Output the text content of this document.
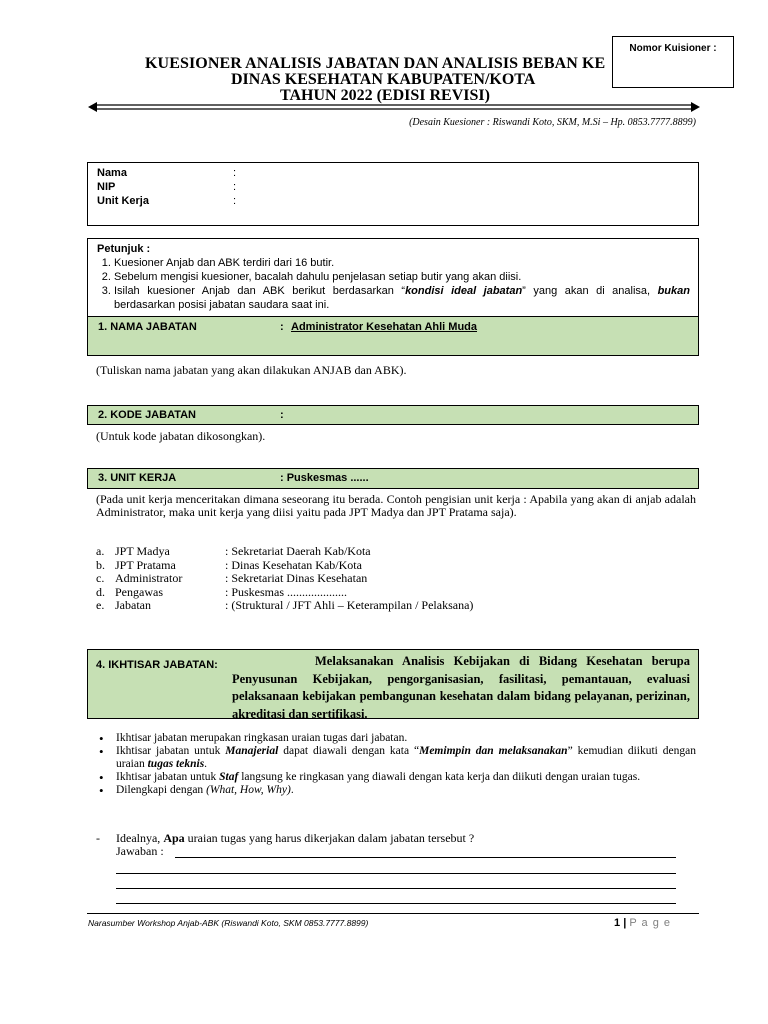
Nomor Kuisioner :
KUESIONER ANALISIS JABATAN DAN ANALISIS BEBAN KE
DINAS KESEHATAN KABUPATEN/KOTA
TAHUN 2022 (EDISI REVISI)
(Desain Kuesioner : Riswandi Koto, SKM, M.Si – Hp. 0853.7777.8899)
Nama	:
NIP	:
Unit Kerja	:
Petunjuk :
1. Kuesioner Anjab dan ABK terdiri dari 16 butir.
2. Sebelum mengisi kuesioner, bacalah dahulu penjelasan setiap butir yang akan diisi.
3. Isilah kuesioner Anjab dan ABK berikut berdasarkan “kondisi ideal jabatan” yang akan di analisa, bukan berdasarkan posisi jabatan saudara saat ini.
1. NAMA JABATAN	: Administrator Kesehatan Ahli Muda
(Tuliskan nama jabatan yang akan dilakukan ANJAB dan ABK).
2. KODE JABATAN	:
(Untuk kode jabatan dikosongkan).
3. UNIT KERJA	: Puskesmas ......
(Pada unit kerja menceritakan dimana seseorang itu berada. Contoh pengisian unit kerja : Apabila yang akan di anjab adalah Administrator, maka unit kerja yang diisi yaitu pada JPT Madya dan JPT Pratama saja).
a. JPT Madya	: Sekretariat Daerah Kab/Kota
b. JPT Pratama	: Dinas Kesehatan Kab/Kota
c. Administrator	: Sekretariat Dinas Kesehatan
d. Pengawas	: Puskesmas ....................
e. Jabatan	: (Struktural / JFT Ahli – Keterampilan / Pelaksana)
4. IKHTISAR JABATAN:	Melaksanakan Analisis Kebijakan di Bidang Kesehatan berupa Penyusunan Kebijakan, pengorganisasian, fasilitasi, pemantauan, evaluasi pelaksanaan kebijakan pembangunan kesehatan dalam bidang pelayanan, perizinan, akreditasi dan sertifikasi.
• Ikhtisar jabatan merupakan ringkasan uraian tugas dari jabatan.
• Ikhtisar jabatan untuk Manajerial dapat diawali dengan kata “Memimpin dan melaksanakan” kemudian diikuti dengan uraian tugas teknis.
• Ikhtisar jabatan untuk Staf langsung ke ringkasan yang diawali dengan kata kerja dan diikuti dengan uraian tugas.
• Dilengkapi dengan (What, How, Why).
- Idealnya, Apa uraian tugas yang harus dikerjakan dalam jabatan tersebut ?
Jawaban :
Narasumber Workshop Anjab-ABK (Riswandi Koto, SKM 0853.7777.8899)	1 | P a g e
